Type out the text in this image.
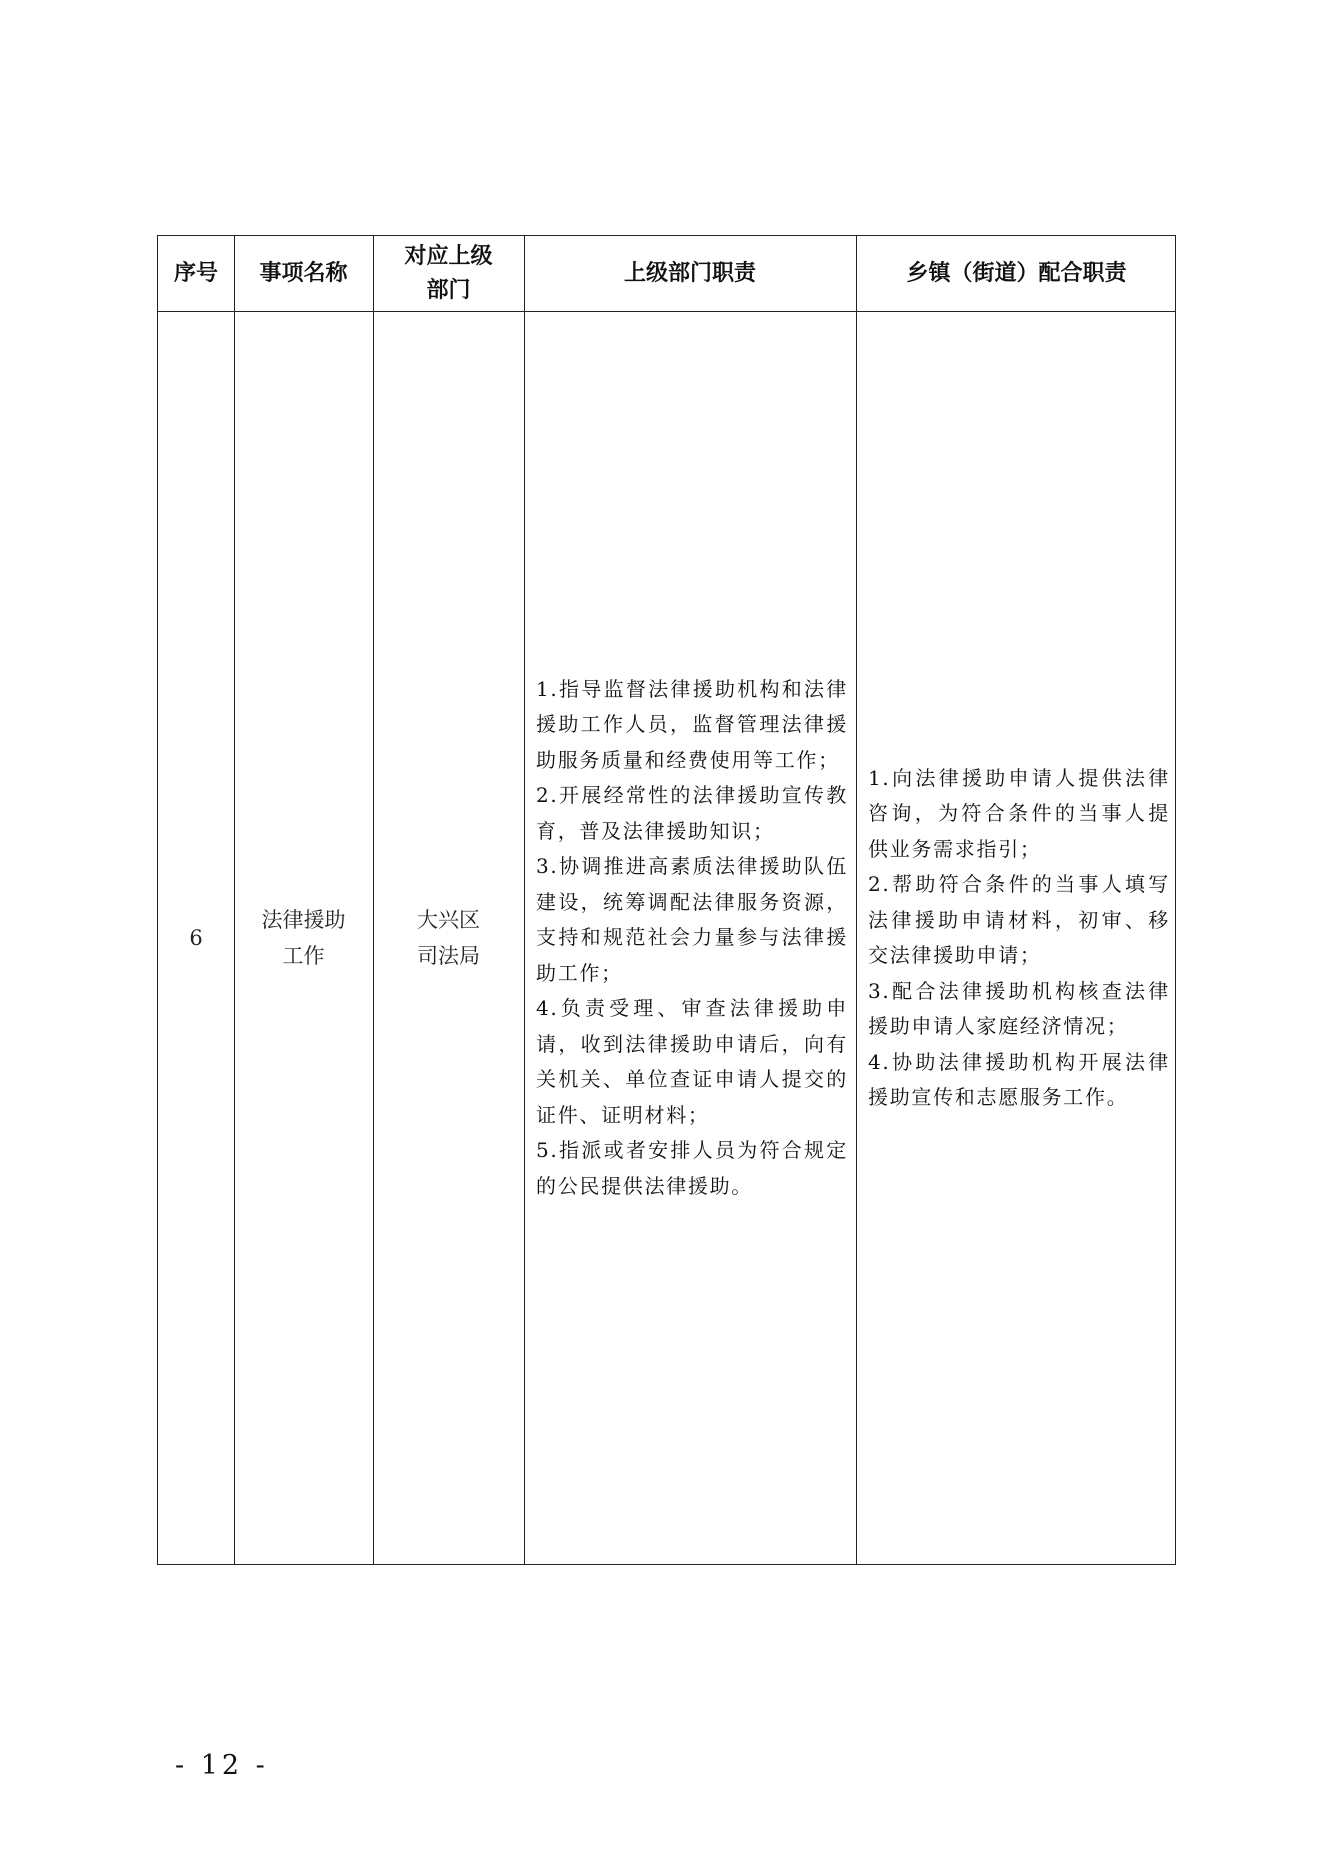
序号 事项名称
对应上级
部门
上级部门职责	乡镇（街道）配合职责
6
法律援助
工作
大兴区
司法局

1.指导监督法律援助机构和法律援助工作人员，监督管理法律援助服务质量和经费使用等工作；

2.开展经常性的法律援助宣传教育，普及法律援助知识；

3.协调推进高素质法律援助队伍建设，统筹调配法律服务资源，支持和规范社会力量参与法律援助工作；

4.负责受理、审查法律援助申请，收到法律援助申请后，向有关机关、单位查证申请人提交的证件、证明材料；

5.指派或者安排人员为符合规定的公民提供法律援助。

1.向法律援助申请人提供法律咨询，为符合条件的当事人提供业务需求指引；

2.帮助符合条件的当事人填写法律援助申请材料，初审、移交法律援助申请；

3.配合法律援助机构核查法律援助申请人家庭经济情况；

4.协助法律援助机构开展法律援助宣传和志愿服务工作。

- 12 -
